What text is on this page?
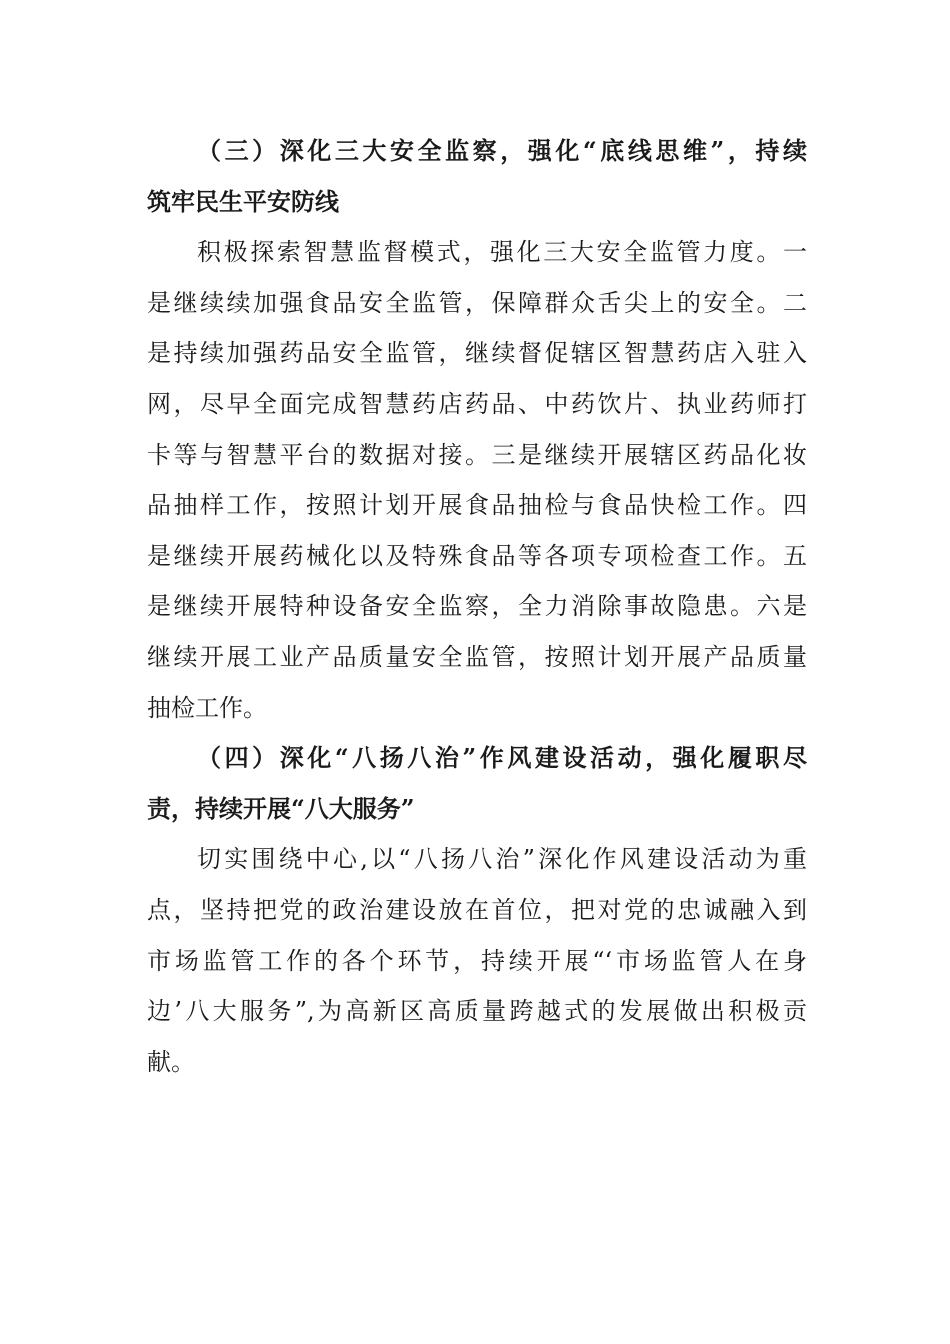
（三）深化三大安全监察，强化“底线思维”，持续
筑牢民生平安防线
积极探索智慧监督模式，强化三大安全监管力度。一
是继续续加强食品安全监管，保障群众舌尖上的安全。二
是持续加强药品安全监管，继续督促辖区智慧药店入驻入
网，尽早全面完成智慧药店药品、中药饮片、执业药师打
卡等与智慧平台的数据对接。三是继续开展辖区药品化妆
品抽样工作，按照计划开展食品抽检与食品快检工作。四
是继续开展药械化以及特殊食品等各项专项检查工作。五
是继续开展特种设备安全监察，全力消除事故隐患。六是
继续开展工业产品质量安全监管，按照计划开展产品质量
抽检工作。
（四）深化“八扬八治”作风建设活动，强化履职尽
责，持续开展“八大服务”
切实围绕中心,以“八扬八治”深化作风建设活动为重
点，坚持把党的政治建设放在首位，把对党的忠诚融入到
市场监管工作的各个环节，持续开展“‘市场监管人在身
边’八大服务”,为高新区高质量跨越式的发展做出积极贡
献。
